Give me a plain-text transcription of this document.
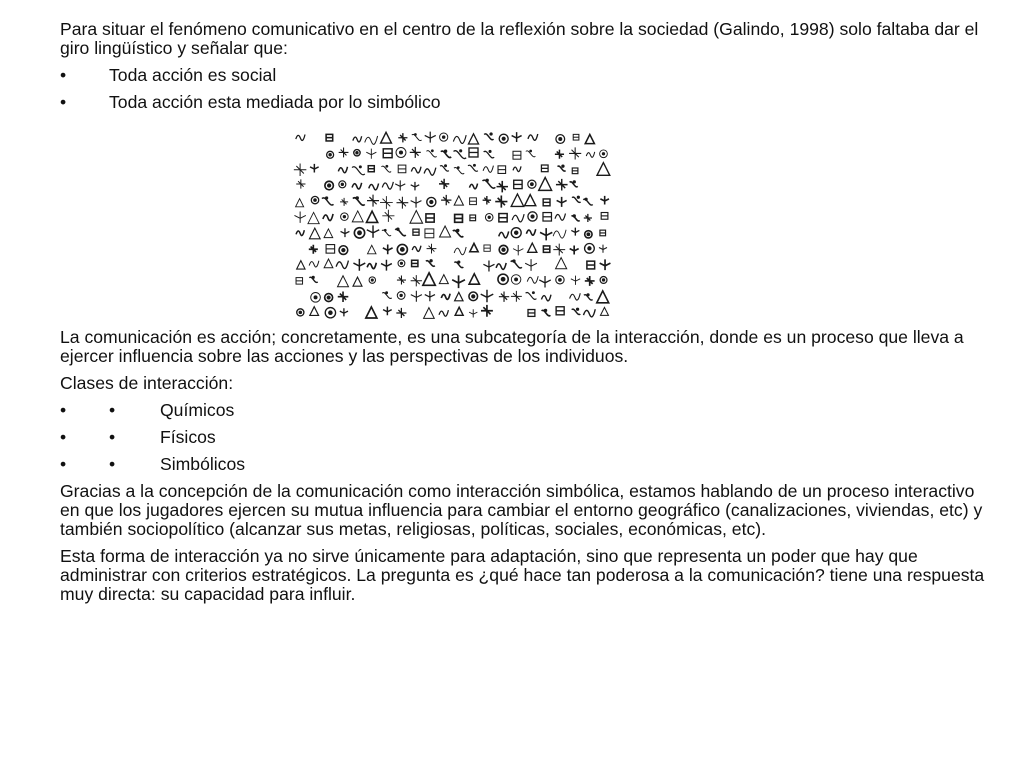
Para situar el fenómeno comunicativo en el centro de la reflexión sobre la sociedad (Galindo, 1998) solo faltaba dar el giro lingüístico y señalar que:

•	Toda acción es social
•	Toda acción esta mediada por lo simbólico

La comunicación es acción; concretamente, es una subcategoría de la interacción, donde es un proceso que lleva a ejercer influencia sobre las acciones y las perspectivas de los individuos.

Clases de interacción:

•	•	Químicos
•	•	Físicos
•	•	Simbólicos

Gracias a la concepción de la comunicación como interacción simbólica, estamos hablando de un proceso interactivo en que los jugadores ejercen su mutua influencia para cambiar el entorno geográfico (canalizaciones, viviendas, etc) y también sociopolítico (alcanzar sus metas, religiosas, políticas, sociales, económicas, etc).

Esta forma de interacción ya no sirve únicamente para adaptación, sino que representa un poder que hay que administrar con criterios estratégicos. La pregunta es ¿qué hace tan poderosa a la comunicación? tiene una respuesta muy directa: su capacidad para influir.
